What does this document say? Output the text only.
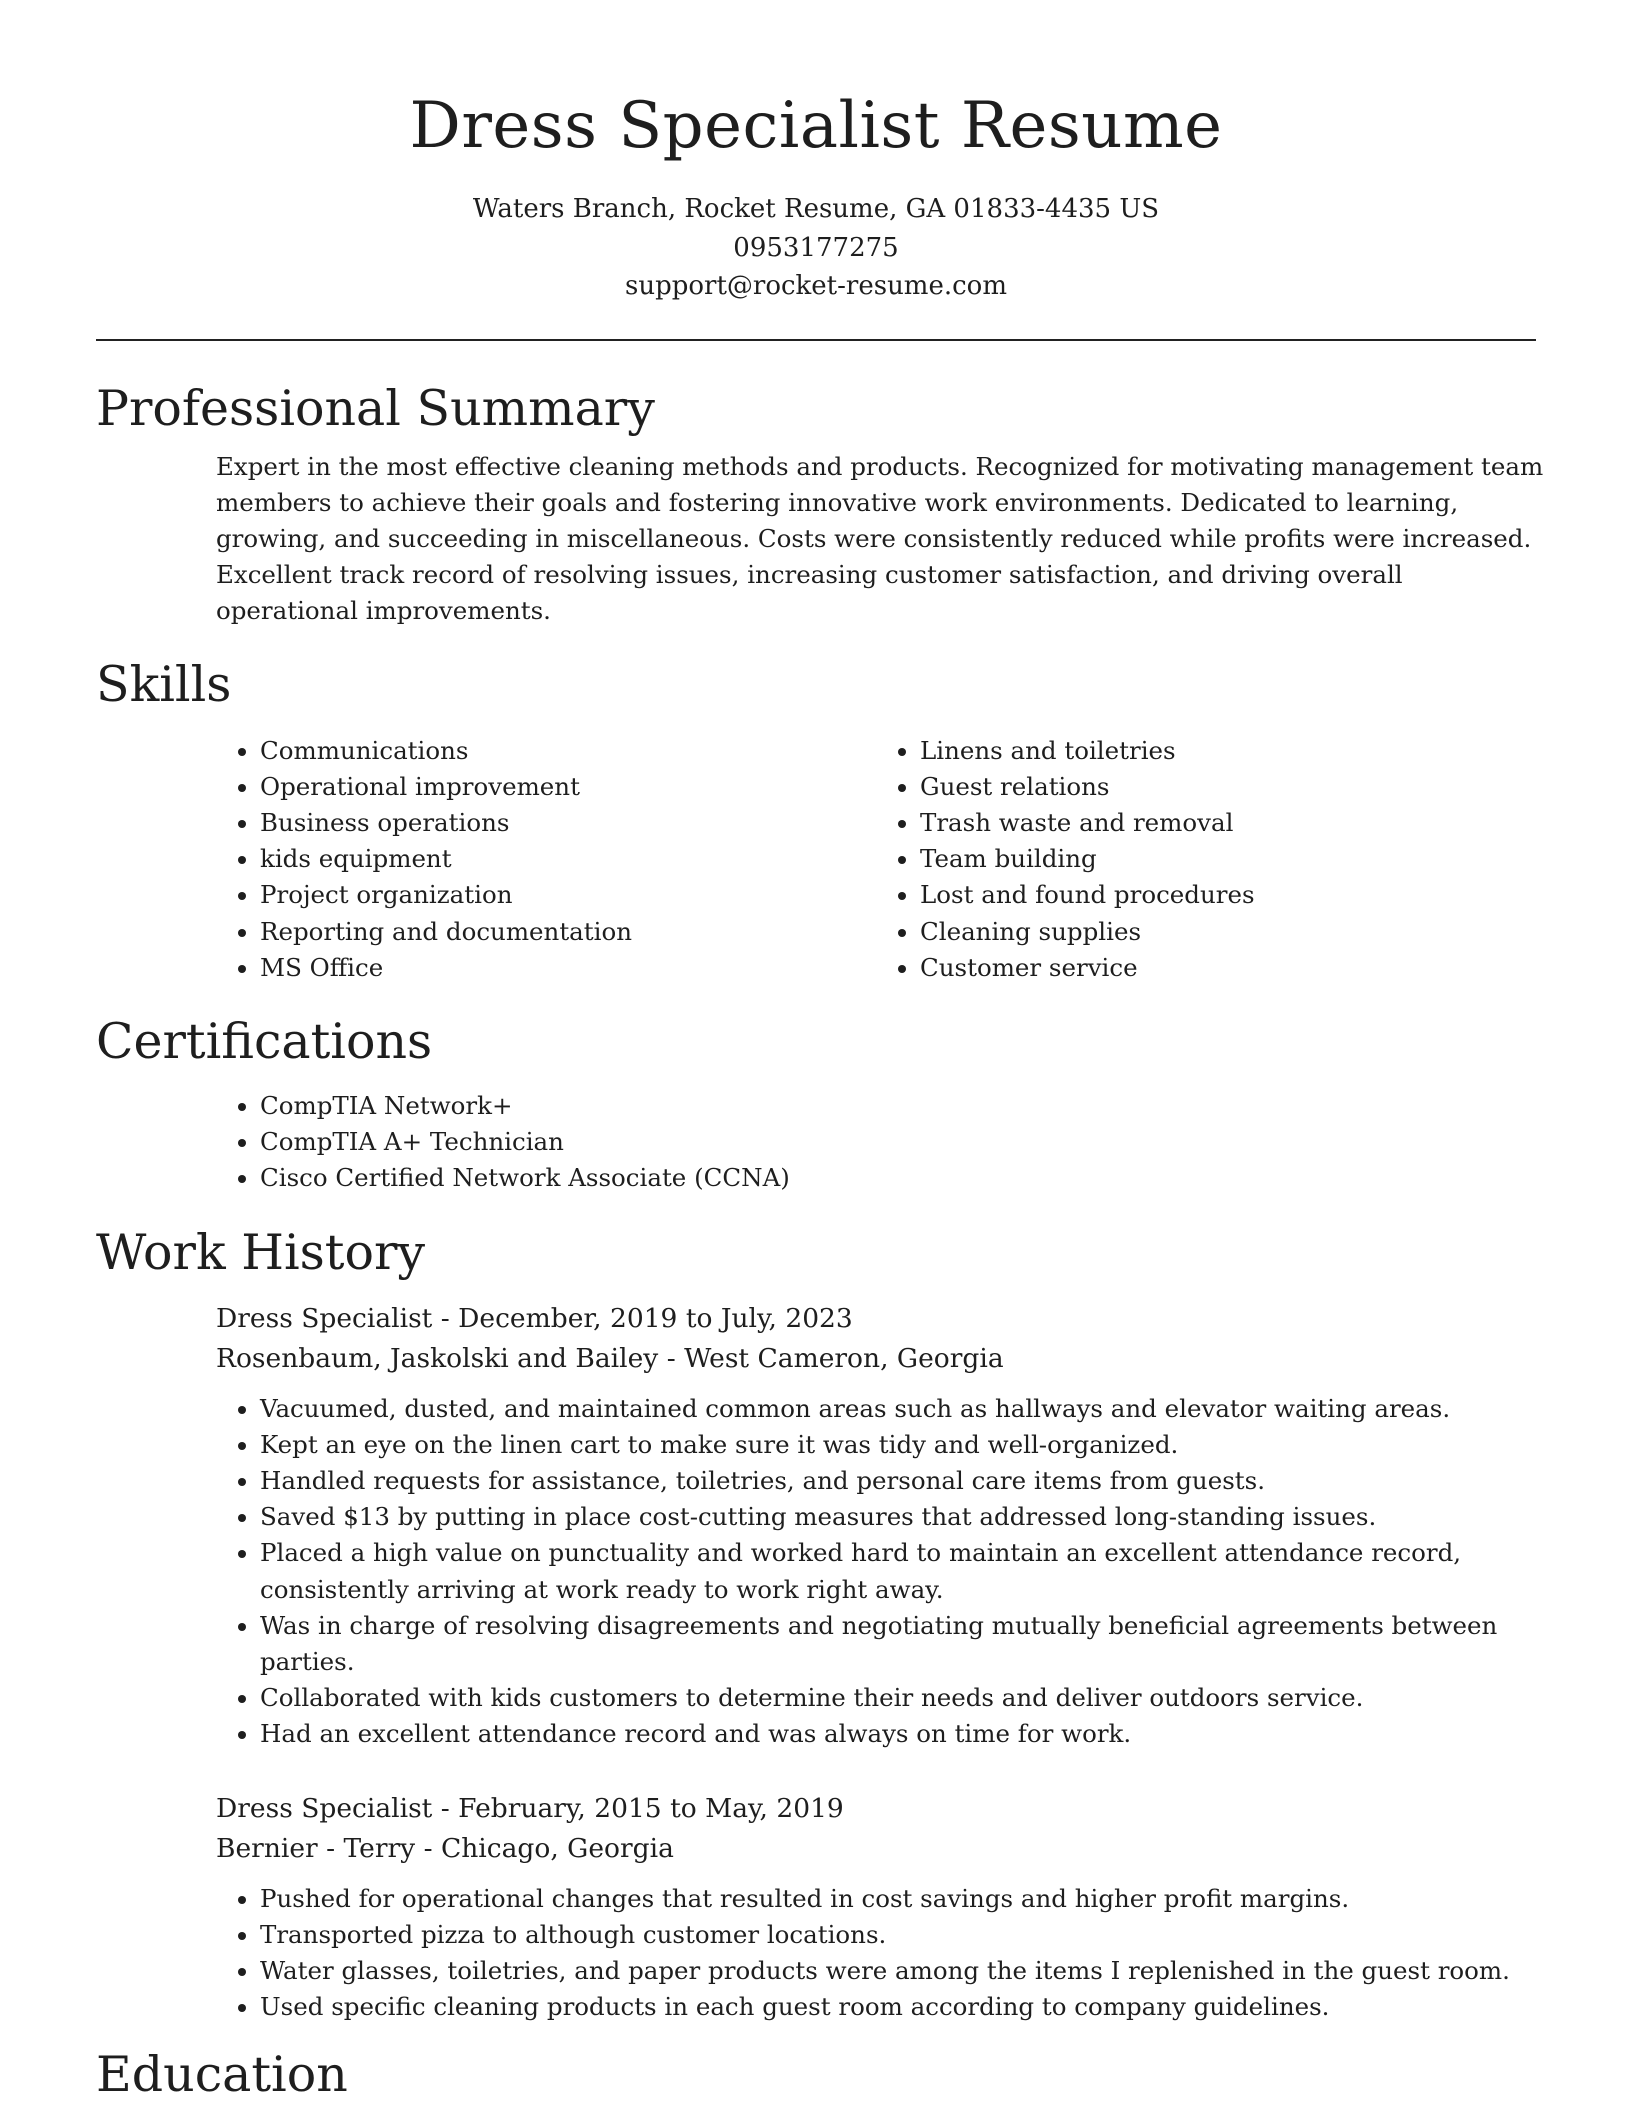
Dress Specialist Resume
Waters Branch, Rocket Resume, GA 01833-4435 US
0953177275
support@rocket-resume.com
Professional Summary
Expert in the most effective cleaning methods and products. Recognized for motivating management team members to achieve their goals and fostering innovative work environments. Dedicated to learning, growing, and succeeding in miscellaneous. Costs were consistently reduced while profits were increased. Excellent track record of resolving issues, increasing customer satisfaction, and driving overall operational improvements.
Skills
• Communications
• Operational improvement
• Business operations
• kids equipment
• Project organization
• Reporting and documentation
• MS Office
• Linens and toiletries
• Guest relations
• Trash waste and removal
• Team building
• Lost and found procedures
• Cleaning supplies
• Customer service
Certifications
• CompTIA Network+
• CompTIA A+ Technician
• Cisco Certified Network Associate (CCNA)
Work History
Dress Specialist - December, 2019 to July, 2023
Rosenbaum, Jaskolski and Bailey - West Cameron, Georgia
• Vacuumed, dusted, and maintained common areas such as hallways and elevator waiting areas.
• Kept an eye on the linen cart to make sure it was tidy and well-organized.
• Handled requests for assistance, toiletries, and personal care items from guests.
• Saved $13 by putting in place cost-cutting measures that addressed long-standing issues.
• Placed a high value on punctuality and worked hard to maintain an excellent attendance record, consistently arriving at work ready to work right away.
• Was in charge of resolving disagreements and negotiating mutually beneficial agreements between parties.
• Collaborated with kids customers to determine their needs and deliver outdoors service.
• Had an excellent attendance record and was always on time for work.
Dress Specialist - February, 2015 to May, 2019
Bernier - Terry - Chicago, Georgia
• Pushed for operational changes that resulted in cost savings and higher profit margins.
• Transported pizza to although customer locations.
• Water glasses, toiletries, and paper products were among the items I replenished in the guest room.
• Used specific cleaning products in each guest room according to company guidelines.
Education
